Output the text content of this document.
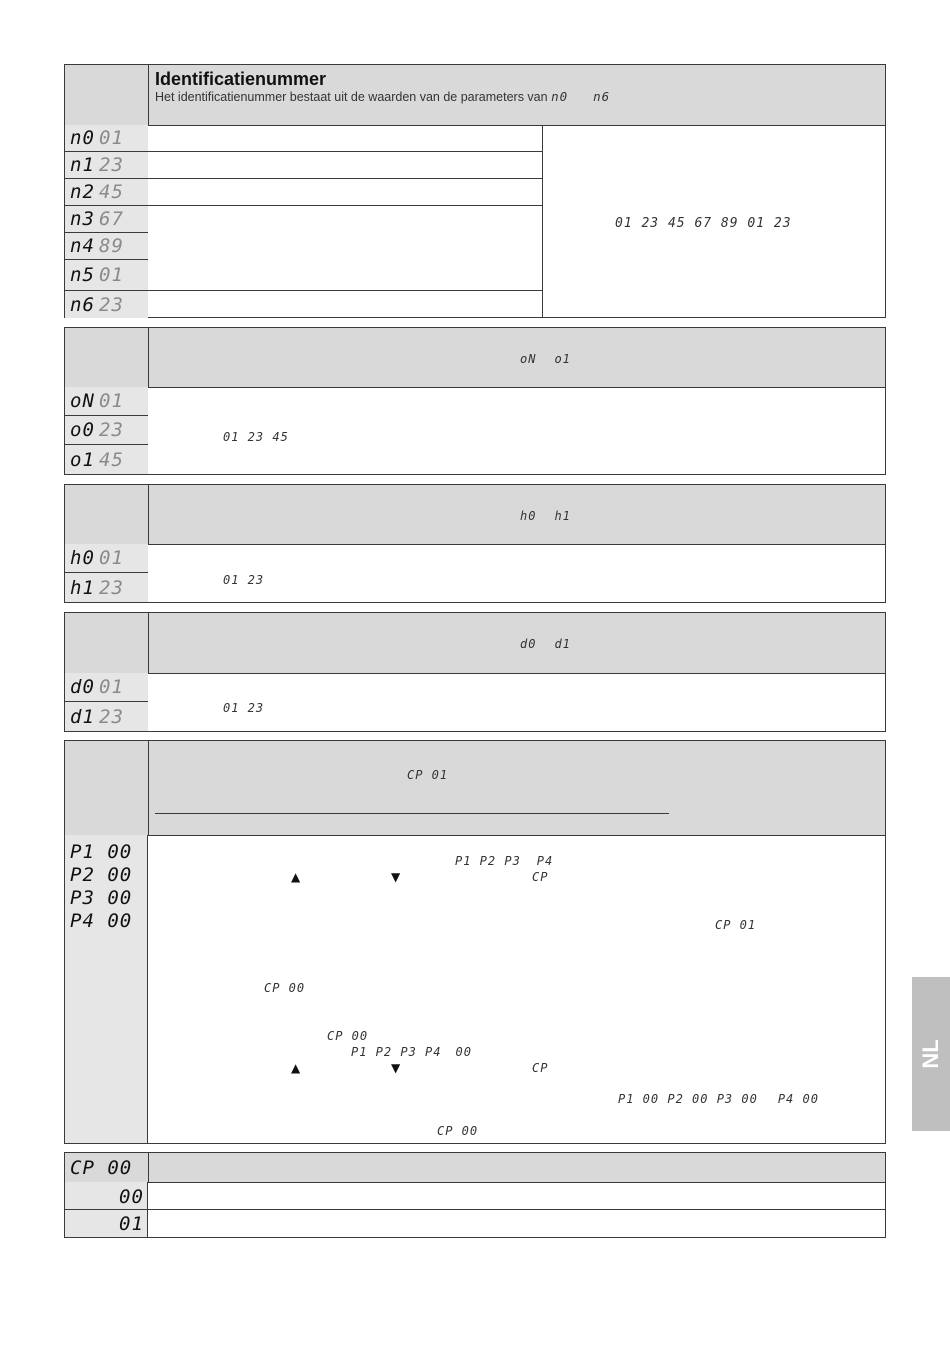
Identificatienummer
Het identificatienummer bestaat uit de waarden van de parameters van n0 n6
n0 01
n1 23
n2 45
n3 67
n4 89
n5 01
n6 23
01 23 45 67 89 01 23
oN o1
oN 01
o0 23
o1 45
01 23 45
h0 h1
h0 01
h1 23	01 23
d0 d1
d0 01
d1 23	01 23
CP 01
P1 00
P2 00
P3 00
P4 00
P1 P2 P3 P4
▲	▼	CP
CP 01
CP 00
CP 00
P1 P2 P3 P4 00
▲	▼	CP
P1 00 P2 00 P3 00 P4 00
CP 00
CP 00
00
01
NL
